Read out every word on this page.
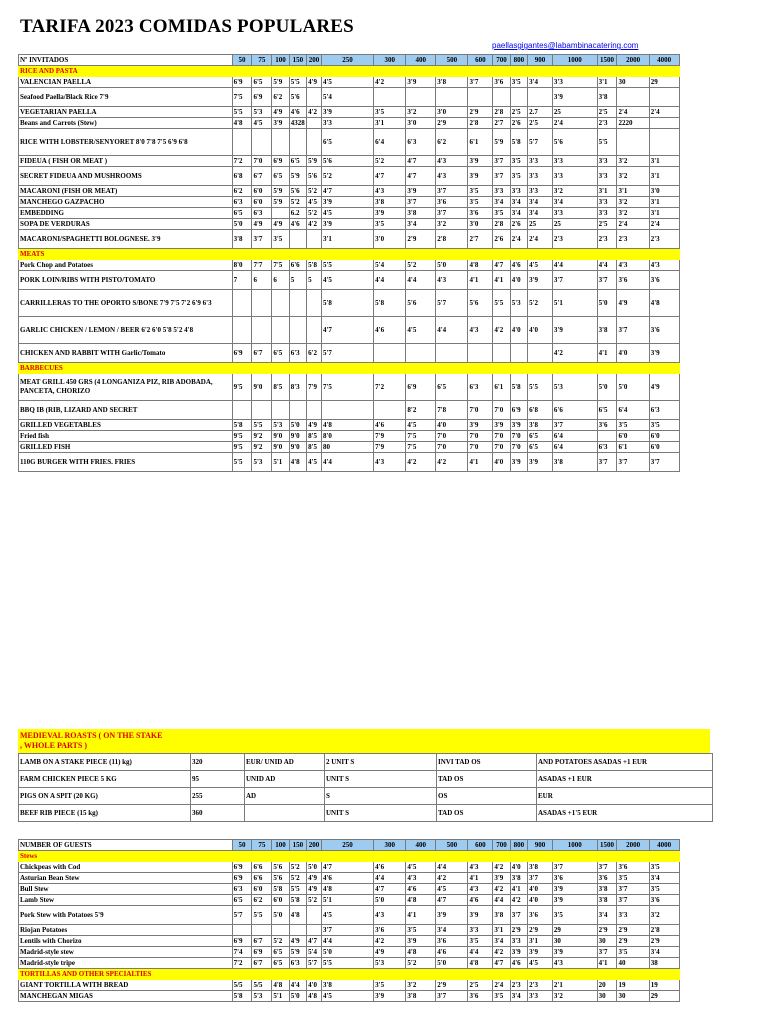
TARIFA 2023 COMIDAS POPULARES
paellasgigantes@labambinacatering.com
Nº INVITADOS	50	75	100	150	200	250	300	400	500	600	700	800	900	1000	1500	2000	4000
RICE AND PASTA																	
VALENCIAN PAELLA	6'9	6'5	5'9	5'5	4'9	4'5	4'2	3'9	3'8	3'7	3'6	3'5	3'4	3'3	3'1	30	29
Seafood Paella/Black Rice 7'9	7'5	6'9	6'2	5'6		5'4								3'9	3'8		
VEGETARIAN PAELLA	5'5	5'3	4'9	4'6	4'2	3'9	3'5	3'2	3'0	2'9	2'8	2'5	2.7	25	2'5	2'4	2'4
Beans and Carrots (Stew)	4'8	4'5	3'9	4328		3'3	3'1	3'0	2'9	2'8	2'7	2'6	2'5	2'4	2'3	2220	
RICE WITH LOBSTER/SENYORET 8'0 7'8 7'5 6'9 6'8						6'5	6'4	6'3	6'2	6'1	5'9	5'8	5'7	5'6	5'5		
FIDEUA ( FISH OR MEAT )	7'2	7'0	6'9	6'5	5'9	5'6	5'2	4'7	4'3	3'9	3'7	3'5	3'3	3'3	3'3	3'2	3'1
SECRET FIDEUA AND MUSHROOMS	6'8	6'7	6'5	5'9	5'6	5'2	4'7	4'7	4'3	3'9	3'7	3'5	3'3	3'3	3'3	3'2	3'1
MACARONI (FISH OR MEAT)	6'2	6'0	5'9	5'6	5'2	4'7	4'3	3'9	3'7	3'5	3'3	3'3	3'3	3'2	3'1	3'1	3'0
MANCHEGO GAZPACHO	6'3	6'0	5'9	5'2	4'5	3'9	3'8	3'7	3'6	3'5	3'4	3'4	3'4	3'4	3'3	3'2	3'1
EMBEDDING	6'5	6'3		6.2	5'2	4'5	3'9	3'8	3'7	3'6	3'5	3'4	3'4	3'3	3'3	3'2	3'1
SOPA DE VERDURAS	5'0	4'9	4'9	4'6	4'2	3'9	3'5	3'4	3'2	3'0	2'8	2'6	25	25	2'5	2'4	2'4
MACARONI/SPAGHETTI BOLOGNESE. 3'9	3'8	3'7	3'5			3'1	3'0	2'9	2'8	2'7	2'6	2'4	2'4	2'3	2'3	2'3	2'3
MEATS																	
Pork Chop and Potatoes	8'0	7'7	7'5	6'6	5'8	5'5	5'4	5'2	5'0	4'8	4'7	4'6	4'5	4'4	4'4	4'3	4'3
PORK LOIN/RIBS WITH PISTO/TOMATO	7	6	6	5	5	4'5	4'4	4'4	4'3	4'1	4'1	4'0	3'9	3'7	3'7	3'6	3'6
CARRILLERAS TO THE OPORTO S/BONE 7'9 7'5 7'2 6'9 6'3						5'8	5'8	5'6	5'7	5'6	5'5	5'3	5'2	5'1	5'0	4'9	4'8
GARLIC CHICKEN / LEMON / BEER 6'2 6'0 5'8 5'2 4'8						4'7	4'6	4'5	4'4	4'3	4'2	4'0	4'0	3'9	3'8	3'7	3'6
CHICKEN AND RABBIT WITH Garlic/Tomato	6'9	6'7	6'5	6'3	6'2	5'7								4'2	4'1	4'0	3'9
BARBECUES																	
MEAT GRILL 450 GRS (4 LONGANIZA PIZ, RIB ADOBADA, PANCETA, CHORIZO	9'5	9'0	8'5	8'3	7'9	7'5	7'2	6'9	6'5	6'3	6'1	5'8	5'5	5'3	5'0	5'0	4'9
BBQ IB (RIB, LIZARD AND SECRET								8'2	7'8	7'0	7'0	6'9	6'8	6'6	6'5	6'4	6'3
GRILLED VEGETABLES	5'8	5'5	5'3	5'0	4'9	4'8	4'6	4'5	4'0	3'9	3'9	3'9	3'8	3'7	3'6	3'5	3'5
Fried fish	9'5	9'2	9'0	9'0	8'5	8'0	7'9	7'5	7'0	7'0	7'0	7'0	6'5	6'4		6'0	6'0
GRILLED FISH	9'5	9'2	9'0	9'0	8'5	80	7'9	7'5	7'0	7'0	7'0	7'0	6'5	6'4	6'3	6'1	6'0
110G BURGER WITH FRIES. FRIES	5'5	5'3	5'1	4'8	4'5	4'4	4'3	4'2	4'2	4'1	4'0	3'9	3'9	3'8	3'7	3'7	3'7
MEDIEVAL ROASTS ( ON THE STAKE
, WHOLE PARTS )
LAMB ON A STAKE PIECE (11) kg)	320	EUR/ UNID AD	2 UNIT S	INVI TAD OS	AND POTATOES ASADAS +1 EUR
FARM CHICKEN PIECE 5 KG	95	UNID AD	UNIT S	TAD OS	ASADAS +1 EUR
PIGS ON A SPIT (20 KG)	255	AD	S	OS	EUR
BEEF RIB PIECE (15 kg)	360		UNIT S	TAD OS	ASADAS +1'5 EUR
NUMBER OF GUESTS	50	75	100	150	200	250	300	400	500	600	700	800	900	1000	1500	2000	4000
Stews																	
Chickpeas with Cod	6'9	6'6	5'6	5'2	5'0	4'7	4'6	4'5	4'4	4'3	4'2	4'0	3'8	3'7	3'7	3'6	3'5
Asturian Bean Stew	6'9	6'6	5'6	5'2	4'9	4'6	4'4	4'3	4'2	4'1	3'9	3'8	3'7	3'6	3'6	3'5	3'4
Bull Stew	6'3	6'0	5'8	5'5	4'9	4'8	4'7	4'6	4'5	4'3	4'2	4'1	4'0	3'9	3'8	3'7	3'5
Lamb Stew	6'5	6'2	6'0	5'8	5'2	5'1	5'0	4'8	4'7	4'6	4'4	4'2	4'0	3'9	3'8	3'7	3'6
Pork Stew with Potatoes 5'9	5'7	5'5	5'0	4'8		4'5	4'3	4'1	3'9	3'9	3'8	3'7	3'6	3'5	3'4	3'3	3'2
Riojan Potatoes						3'7	3'6	3'5	3'4	3'3	3'1	2'9	2'9	29	2'9	2'9	2'8
Lentils with Chorizo	6'9	6'7	5'2	4'9	4'7	4'4	4'2	3'9	3'6	3'5	3'4	3'3	3'1	30	30	2'9	2'9
Madrid-style stew	7'4	6'9	6'5	5'9	5'4	5'0	4'9	4'8	4'6	4'4	4'2	3'9	3'9	3'9	3'7	3'5	3'4
Madrid-style tripe	7'2	6'7	6'5	6'3	5'7	5'5	5'3	5'2	5'0	4'8	4'7	4'6	4'5	4'3	4'1	40	38
TORTILLAS AND OTHER SPECIALTIES																	
GIANT TORTILLA WITH BREAD	5/5	5/5	4'8	4'4	4'0	3'8	3'5	3'2	2'9	2'5	2'4	2'3	2'3	2'1	20	19	19
MANCHEGAN MIGAS	5'8	5'3	5'1	5'0	4'8	4'5	3'9	3'8	3'7	3'6	3'5	3'4	3'3	3'2	30	30	29
